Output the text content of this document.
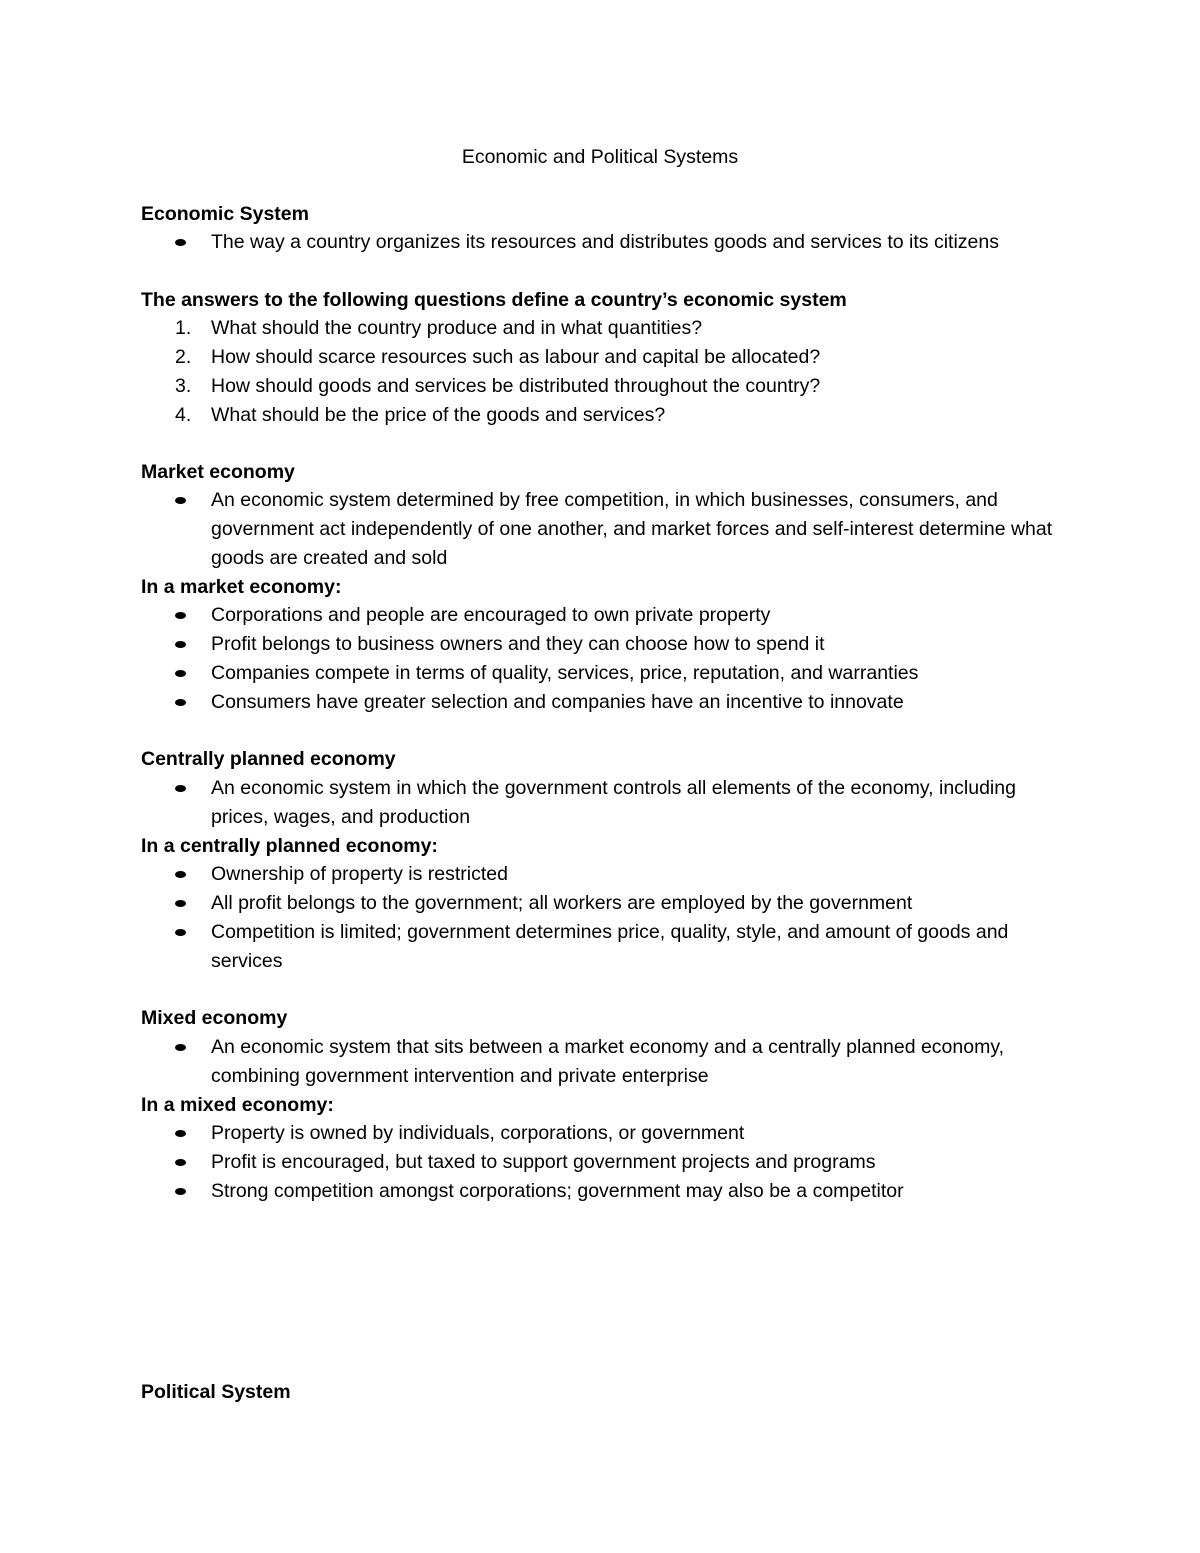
Economic and Political Systems
Economic System
The way a country organizes its resources and distributes goods and services to its citizens
The answers to the following questions define a country’s economic system
1. What should the country produce and in what quantities?
2. How should scarce resources such as labour and capital be allocated?
3. How should goods and services be distributed throughout the country?
4. What should be the price of the goods and services?
Market economy
An economic system determined by free competition, in which businesses, consumers, and government act independently of one another, and market forces and self-interest determine what goods are created and sold
In a market economy:
Corporations and people are encouraged to own private property
Profit belongs to business owners and they can choose how to spend it
Companies compete in terms of quality, services, price, reputation, and warranties
Consumers have greater selection and companies have an incentive to innovate
Centrally planned economy
An economic system in which the government controls all elements of the economy, including prices, wages, and production
In a centrally planned economy:
Ownership of property is restricted
All profit belongs to the government; all workers are employed by the government
Competition is limited; government determines price, quality, style, and amount of goods and services
Mixed economy
An economic system that sits between a market economy and a centrally planned economy, combining government intervention and private enterprise
In a mixed economy:
Property is owned by individuals, corporations, or government
Profit is encouraged, but taxed to support government projects and programs
Strong competition amongst corporations; government may also be a competitor
Political System
